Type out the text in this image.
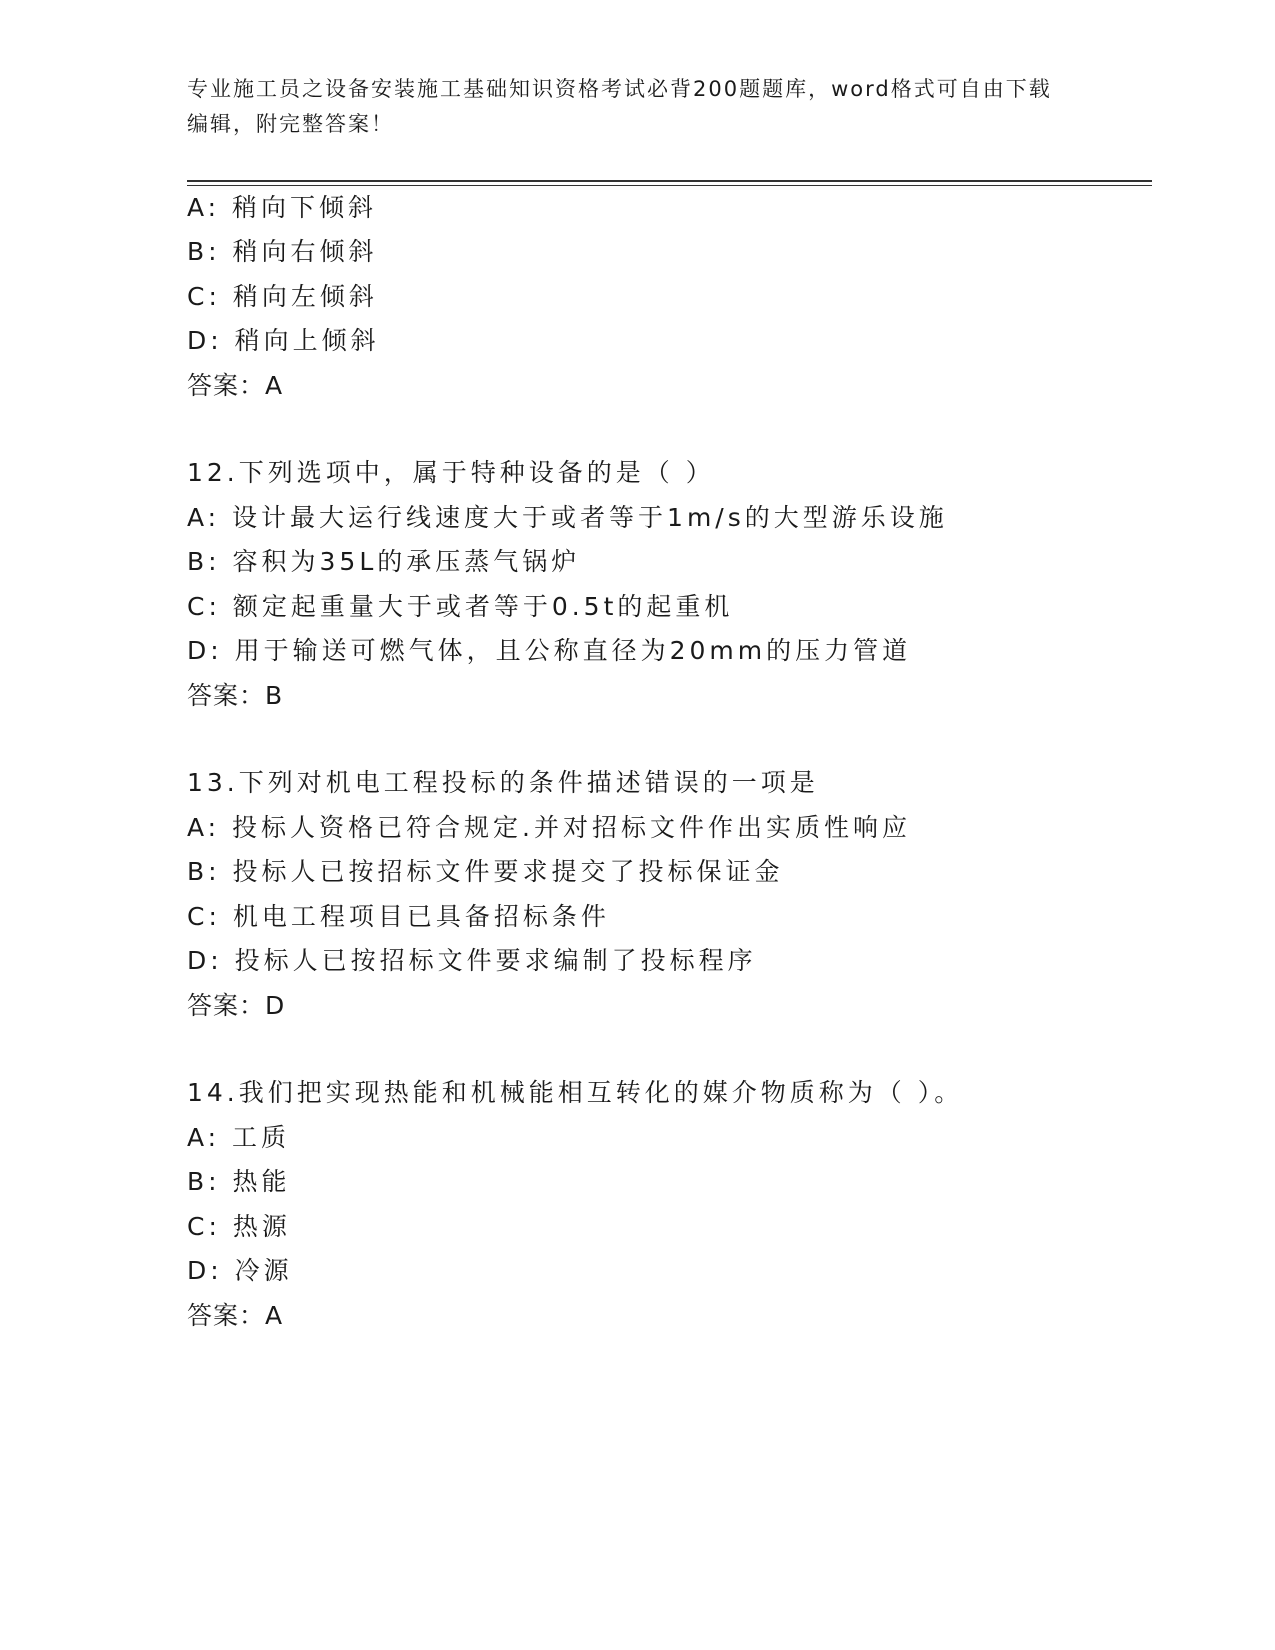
专业施工员之设备安装施工基础知识资格考试必背200题题库，word格式可自由下载编辑，附完整答案！
A: 稍向下倾斜
B: 稍向右倾斜
C: 稍向左倾斜
D: 稍向上倾斜
答案：A
12.下列选项中，属于特种设备的是（ ）
A: 设计最大运行线速度大于或者等于1m/s的大型游乐设施
B: 容积为35L的承压蒸气锅炉
C: 额定起重量大于或者等于0.5t的起重机
D: 用于输送可燃气体，且公称直径为20mm的压力管道
答案：B
13.下列对机电工程投标的条件描述错误的一项是
A: 投标人资格已符合规定.并对招标文件作出实质性响应
B: 投标人已按招标文件要求提交了投标保证金
C: 机电工程项目已具备招标条件
D: 投标人已按招标文件要求编制了投标程序
答案：D
14.我们把实现热能和机械能相互转化的媒介物质称为（ ）。
A: 工质
B: 热能
C: 热源
D: 冷源
答案：A
